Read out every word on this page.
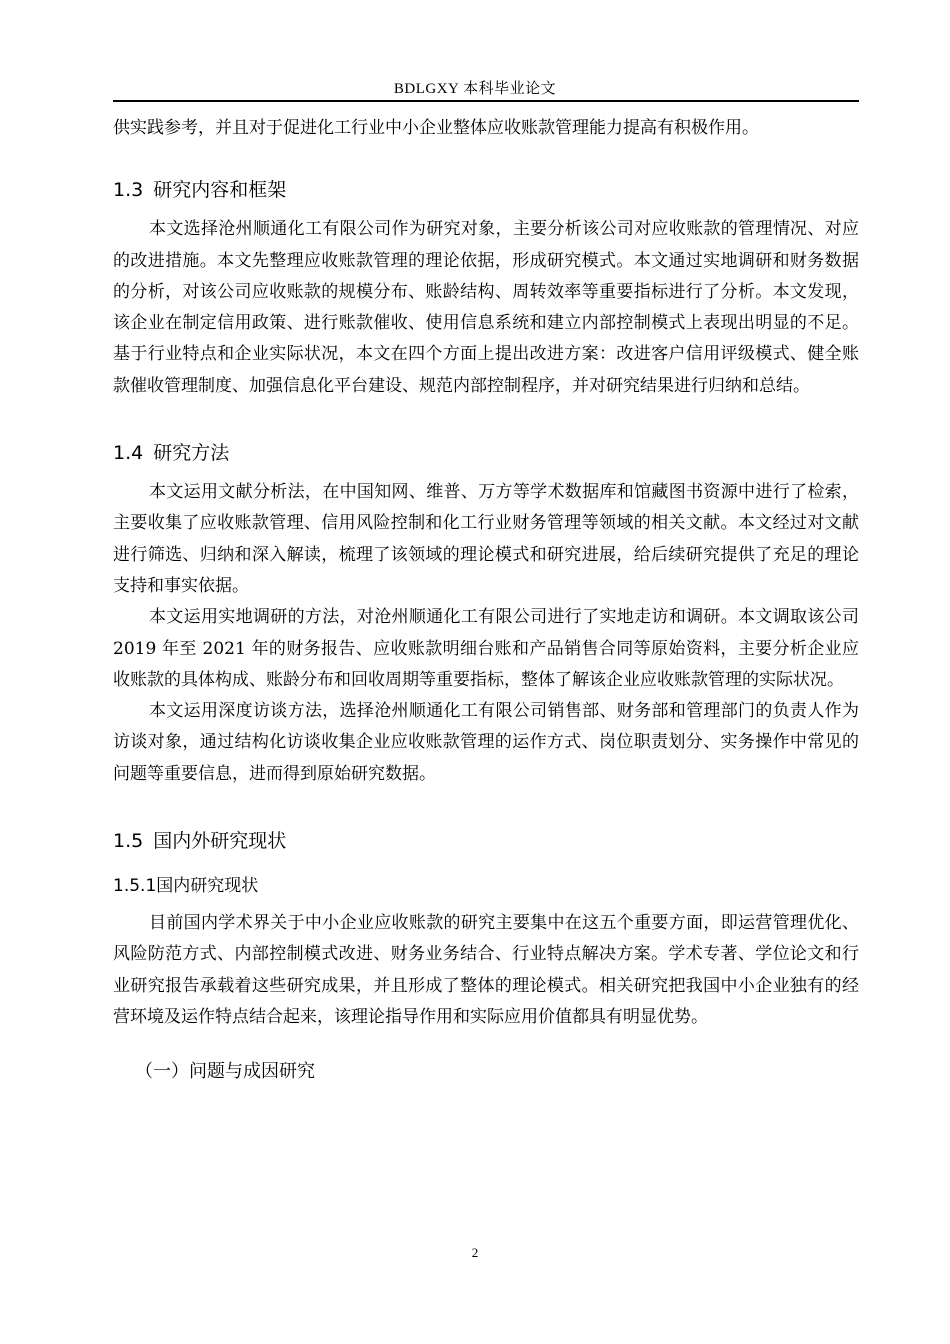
BDLGXY 本科毕业论文

供实践参考，并且对于促进化工行业中小企业整体应收账款管理能力提高有积极作用。

1.3 研究内容和框架

本文选择沧州顺通化工有限公司作为研究对象，主要分析该公司对应收账款的管理情况、对应的改进措施。本文先整理应收账款管理的理论依据，形成研究模式。本文通过实地调研和财务数据的分析，对该公司应收账款的规模分布、账龄结构、周转效率等重要指标进行了分析。本文发现，该企业在制定信用政策、进行账款催收、使用信息系统和建立内部控制模式上表现出明显的不足。基于行业特点和企业实际状况，本文在四个方面上提出改进方案：改进客户信用评级模式、健全账款催收管理制度、加强信息化平台建设、规范内部控制程序，并对研究结果进行归纳和总结。

1.4 研究方法

本文运用文献分析法，在中国知网、维普、万方等学术数据库和馆藏图书资源中进行了检索，主要收集了应收账款管理、信用风险控制和化工行业财务管理等领域的相关文献。本文经过对文献进行筛选、归纳和深入解读，梳理了该领域的理论模式和研究进展，给后续研究提供了充足的理论支持和事实依据。

本文运用实地调研的方法，对沧州顺通化工有限公司进行了实地走访和调研。本文调取该公司 2019 年至 2021 年的财务报告、应收账款明细台账和产品销售合同等原始资料，主要分析企业应收账款的具体构成、账龄分布和回收周期等重要指标，整体了解该企业应收账款管理的实际状况。

本文运用深度访谈方法，选择沧州顺通化工有限公司销售部、财务部和管理部门的负责人作为访谈对象，通过结构化访谈收集企业应收账款管理的运作方式、岗位职责划分、实务操作中常见的问题等重要信息，进而得到原始研究数据。

1.5 国内外研究现状
1.5.1国内研究现状

目前国内学术界关于中小企业应收账款的研究主要集中在这五个重要方面，即运营管理优化、风险防范方式、内部控制模式改进、财务业务结合、行业特点解决方案。学术专著、学位论文和行业研究报告承载着这些研究成果，并且形成了整体的理论模式。相关研究把我国中小企业独有的经营环境及运作特点结合起来，该理论指导作用和实际应用价值都具有明显优势。

（一）问题与成因研究
2
